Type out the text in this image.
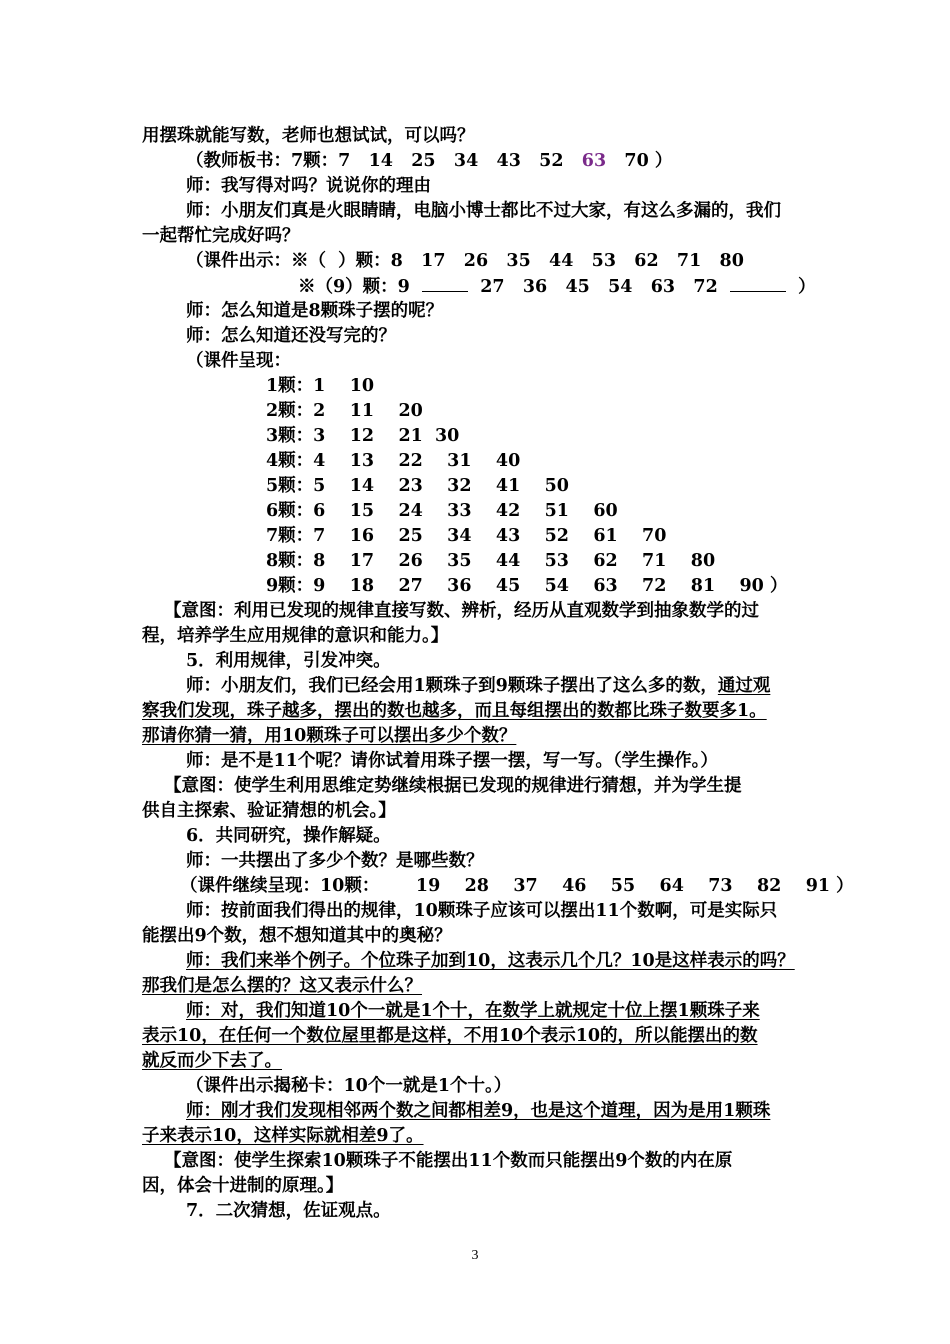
用摆珠就能写数，老师也想试试，可以吗？
（教师板书：7颗：7   14   25   34   43   52   63   70 ）
师：我写得对吗？说说你的理由
师：小朋友们真是火眼睛睛，电脑小博士都比不过大家，有这么多漏的，我们
一起帮忙完成好吗？
（课件出示：※（  ）颗：8   17   26   35   44   53   62   71   80
※（9）颗：9	27   36   45   54   63   72	）
师：怎么知道是8颗珠子摆的呢？
师：怎么知道还没写完的？
（课件呈现：
1颗：1    10
2颗：2    11    20
3颗：3    12    21  30
4颗：4    13    22    31    40
5颗：5    14    23    32    41    50
6颗：6    15    24    33    42    51    60
7颗：7    16    25    34    43    52    61    70
8颗：8    17    26    35    44    53    62    71    80
9颗：9    18    27    36    45    54    63    72    81    90 ）
【意图：利用已发现的规律直接写数、辨析，经历从直观数学到抽象数学的过
程，培养学生应用规律的意识和能力。】
5．利用规律，引发冲突。
师：小朋友们，我们已经会用1颗珠子到9颗珠子摆出了这么多的数，通过观
察我们发现，珠子越多，摆出的数也越多，而且每组摆出的数都比珠子数要多1。
那请你猜一猜，用10颗珠子可以摆出多少个数？
师：是不是11个呢？请你试着用珠子摆一摆，写一写。（学生操作。）
【意图：使学生利用思维定势继续根据已发现的规律进行猜想，并为学生提
供自主探索、验证猜想的机会。】
6．共同研究，操作解疑。
师：一共摆出了多少个数？是哪些数？
（课件继续呈现：10颗：      19    28    37    46    55    64    73    82    91 ）
师：按前面我们得出的规律，10颗珠子应该可以摆出11个数啊，可是实际只
能摆出9个数，想不想知道其中的奥秘？
师：我们来举个例子。个位珠子加到10，这表示几个几？10是这样表示的吗？
那我们是怎么摆的？这又表示什么？
师：对，我们知道10个一就是1个十，在数学上就规定十位上摆1颗珠子来
表示10，在任何一个数位屋里都是这样，不用10个表示10的，所以能摆出的数
就反而少下去了。
（课件出示揭秘卡：10个一就是1个十。）
师：刚才我们发现相邻两个数之间都相差9，也是这个道理，因为是用1颗珠
子来表示10，这样实际就相差9了。
【意图：使学生探索10颗珠子不能摆出11个数而只能摆出9个数的内在原
因，体会十进制的原理。】
7．二次猜想，佐证观点。
3
